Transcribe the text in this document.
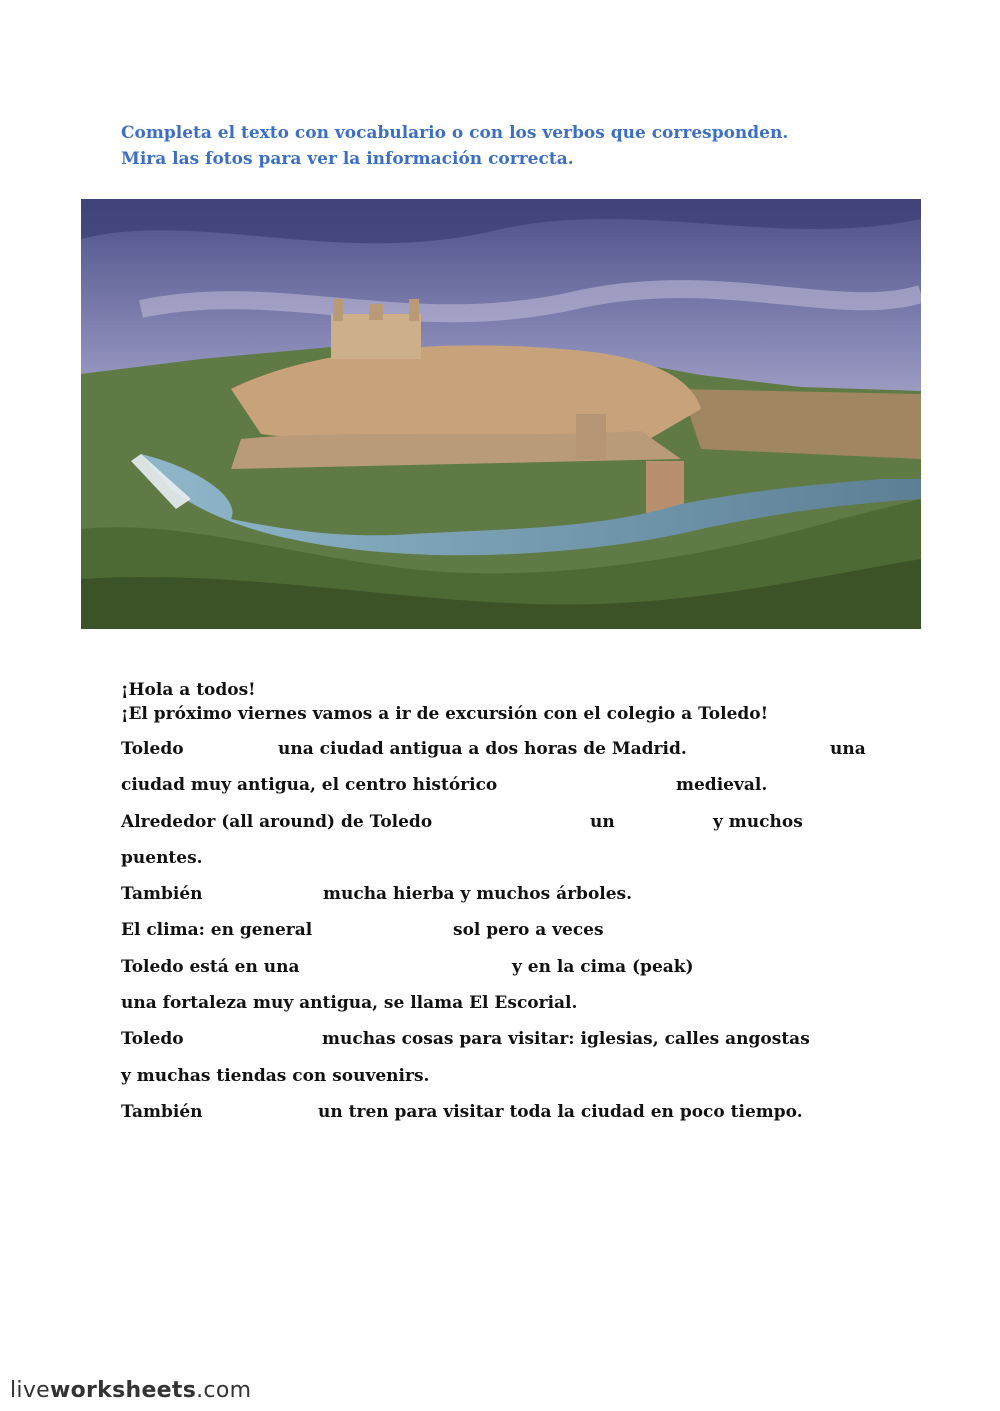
Completa el texto con vocabulario o con los verbos que corresponden.
Mira las fotos para ver la información correcta.
¡Hola a todos!
¡El próximo viernes vamos a ir de excursión con el colegio a Toledo!
Toledo	una ciudad antigua a dos horas de Madrid.	una
ciudad muy antigua, el centro histórico	medieval.
Alrededor (all around) de Toledo	un	y muchos
puentes.
También	mucha hierba y muchos árboles.
El clima: en general	sol pero a veces
Toledo está en una	y en la cima (peak)
una fortaleza muy antigua, se llama El Escorial.
Toledo	muchas cosas para visitar: iglesias, calles angostas
y muchas tiendas con souvenirs.
También	un tren para visitar toda la ciudad en poco tiempo.
liveworksheets.com
